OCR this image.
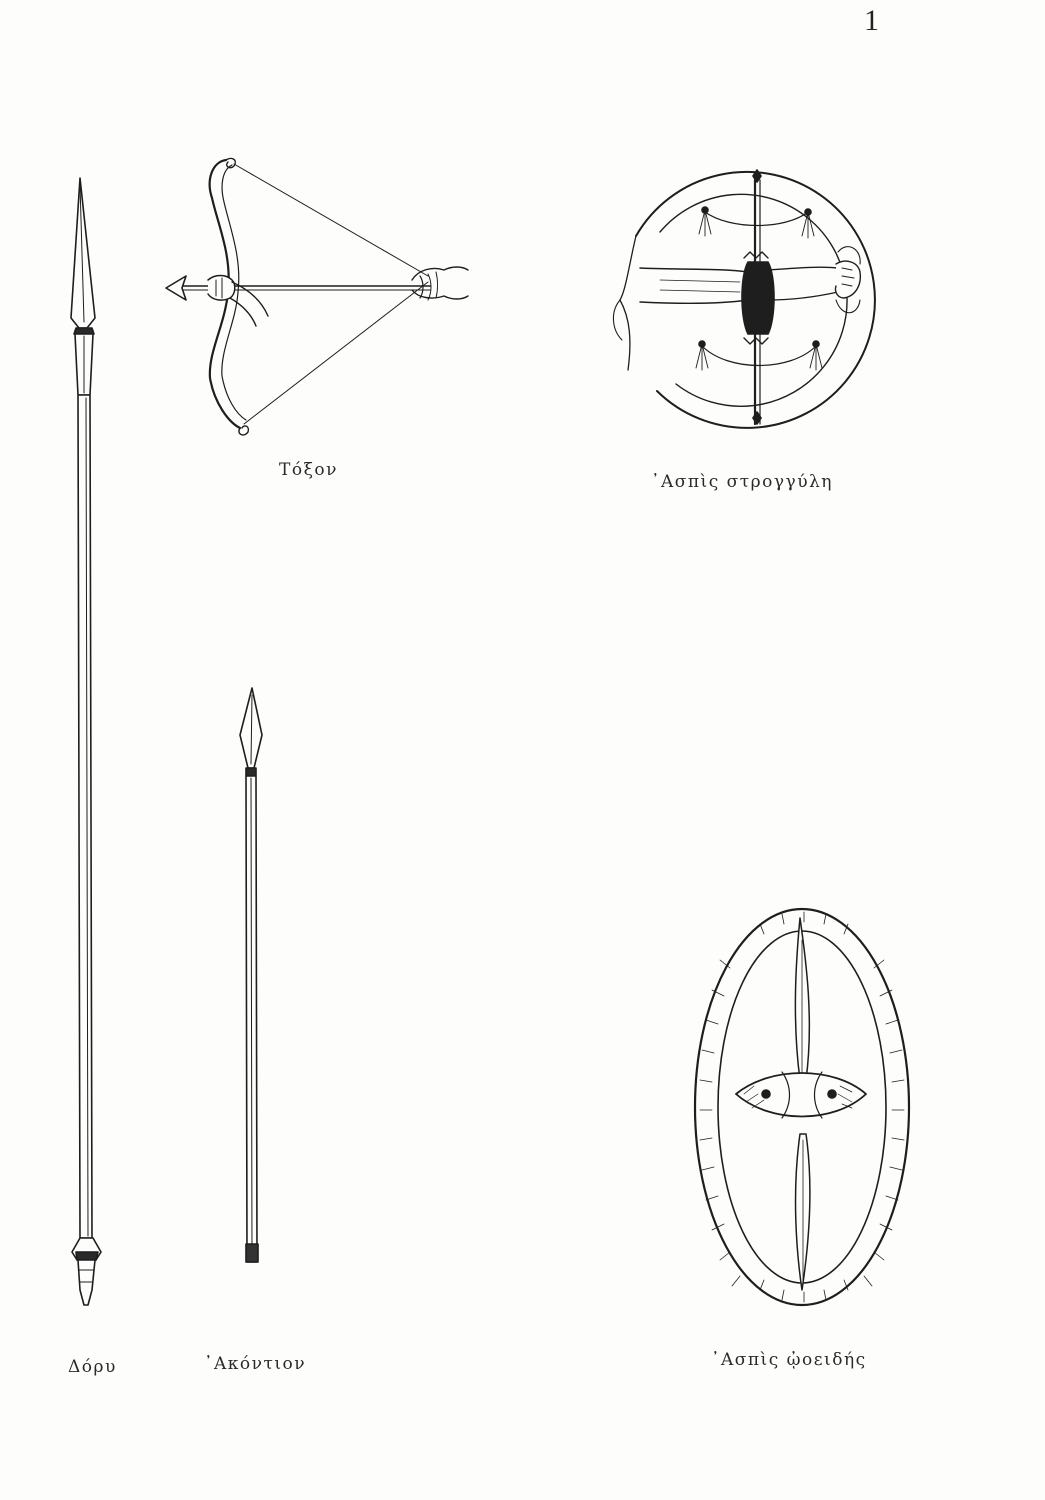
1
Τόξον
᾿Ασπὶς στρογγύλη
Δόρυ	᾿Ακόντιον	᾿Ασπὶς ᾠοειδής
